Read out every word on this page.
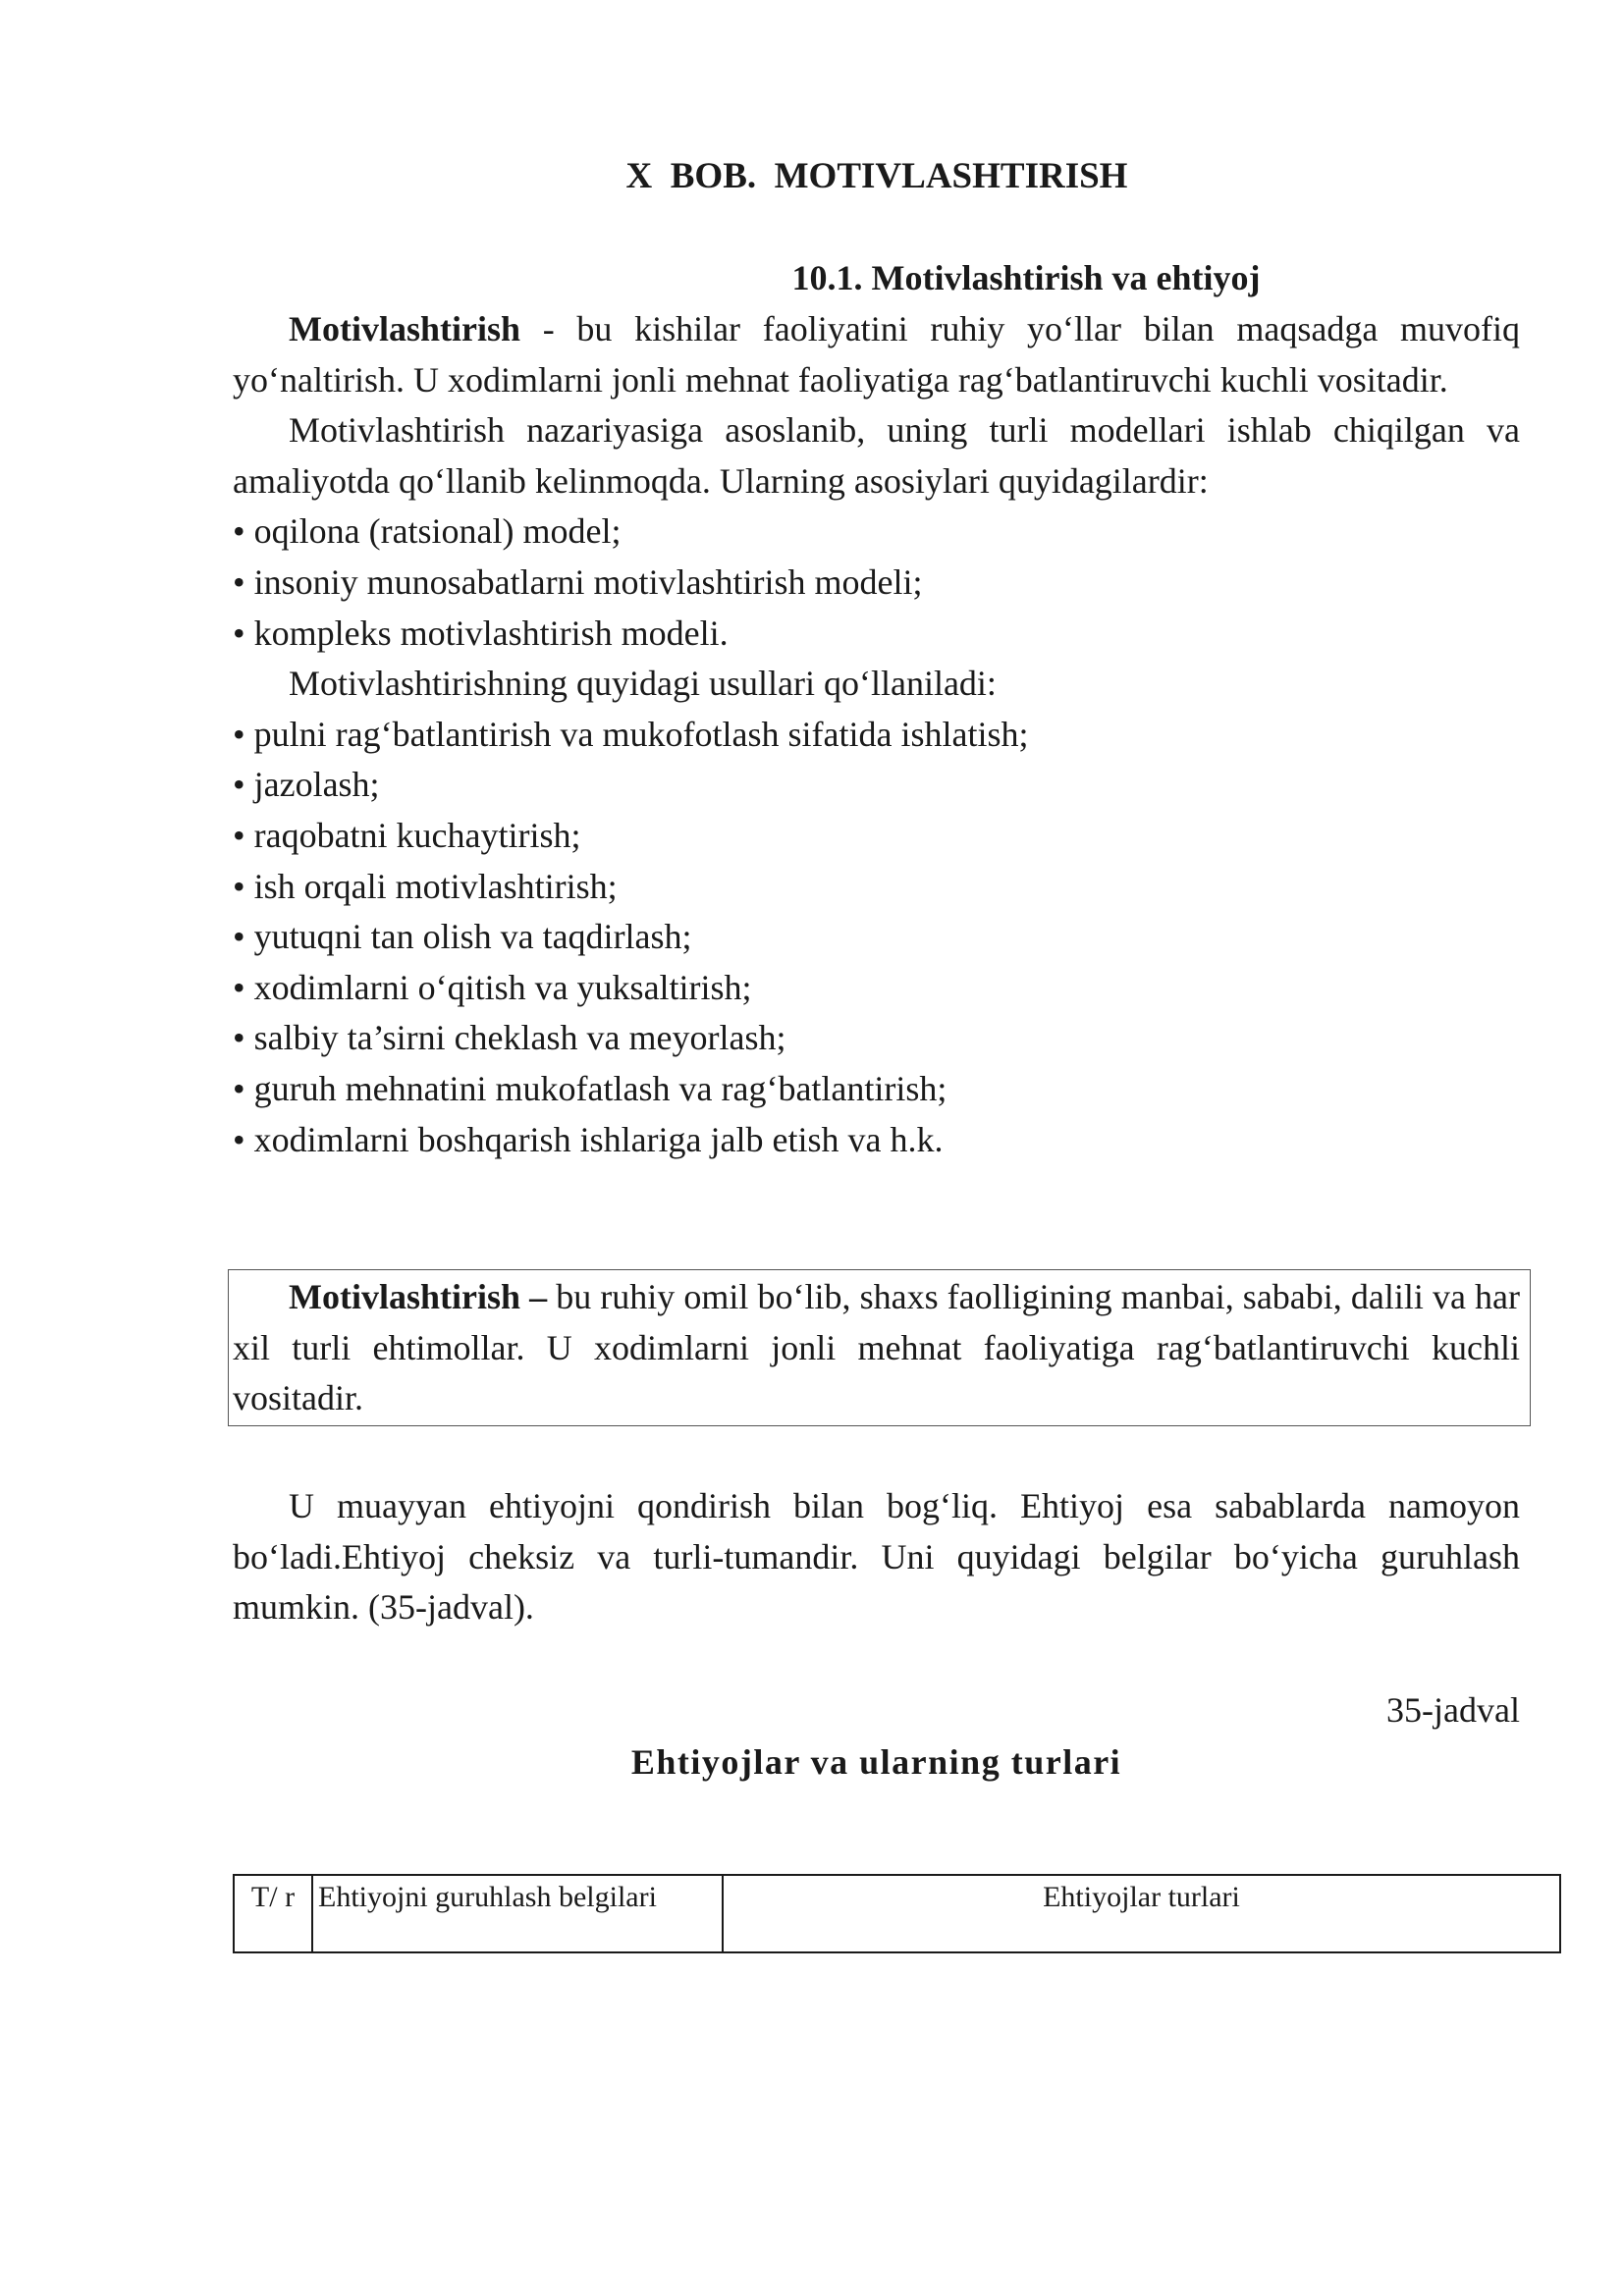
X  BOB.  MOTIVLASHTIRISH
10.1. Motivlashtirish va ehtiyoj

Motivlashtirish - bu kishilar faoliyatini ruhiy yo‘llar bilan maqsadga muvofiq yo‘naltirish. U xodimlarni jonli mehnat faoliyatiga rag‘batlantiruvchi kuchli vositadir.

Motivlashtirish nazariyasiga asoslanib, uning turli modellari ishlab chiqilgan va amaliyotda qo‘llanib kelinmoqda. Ularning asosiylari quyidagilardir:

• oqilona (ratsional) model;
• insoniy munosabatlarni motivlashtirish modeli;
• kompleks motivlashtirish modeli.

Motivlashtirishning quyidagi usullari qo‘llaniladi:

• pulni rag‘batlantirish va mukofotlash sifatida ishlatish;
• jazolash;
• raqobatni kuchaytirish;
• ish orqali motivlashtirish;
• yutuqni tan olish va taqdirlash;
• xodimlarni o‘qitish va yuksaltirish;
• salbiy ta’sirni cheklash va meyorlash;
• guruh mehnatini mukofatlash va rag‘batlantirish;
• xodimlarni boshqarish ishlariga jalb etish va h.k.
Motivlashtirish – bu ruhiy omil bo‘lib, shaxs faolligining manbai, sababi, dalili va har xil turli ehtimollar. U xodimlarni jonli mehnat faoliyatiga rag‘batlantiruvchi kuchli vositadir.
U muayyan ehtiyojni qondirish bilan bog‘liq. Ehtiyoj esa sabablarda namoyon bo‘ladi.Ehtiyoj cheksiz va turli-tumandir. Uni quyidagi belgilar bo‘yicha guruhlash mumkin. (35-jadval).
35-jadval
Ehtiyojlar va ularning turlari
T/ r	Ehtiyojni guruhlash belgilari	Ehtiyojlar turlari
